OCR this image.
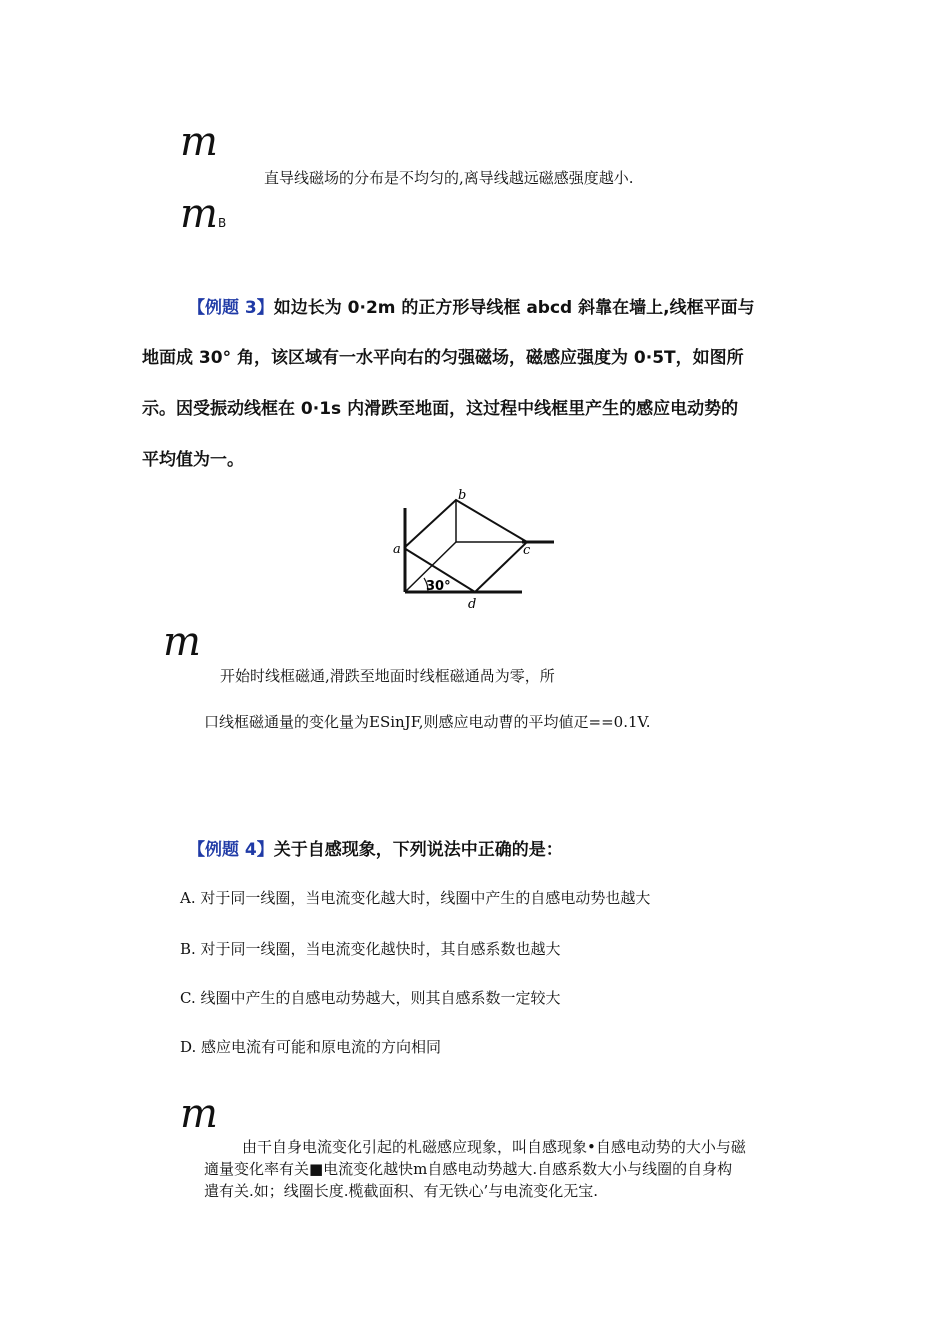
m
直导线磁场的分布是不均匀的,离导线越远磁感强度越小.
mB
【例题 3】如边长为 0·2m 的正方形导线框 abcd 斜靠在墙上,线框平面与
地面成 30° 角，该区域有一水平向右的匀强磁场，磁感应强度为 0·5T，如图所
示。因受振动线框在 0·1s 内滑跌至地面，这过程中线框里产生的感应电动势的
平均值为一。
a
b
c
d
30°
m
开始时线框磁通,滑跌至地面时线框磁通咼为零，所
口线框磁通量的变化量为ESinJF,则感应电动曹的平均値疋==0.1V.
【例题 4】关于自感现象，下列说法中正确的是：
A. 对于同一线圈，当电流变化越大时，线圈中产生的自感电动势也越大
B. 对于同一线圈，当电流变化越快时，其自感系数也越大
C. 线圈中产生的自感电动势越大，则其自感系数一定较大
D. 感应电流有可能和原电流的方向相同
m
由干自身电流变化引起的札磁感应现象，叫自感现象•自感电动势的大小与磁
適量变化率有关■电流变化越快m自感电动势越大.自感系数大小与线圈的自身构
遣有关.如；线圈长度.榄截面积、有无铁心’与电流变化无宝.
